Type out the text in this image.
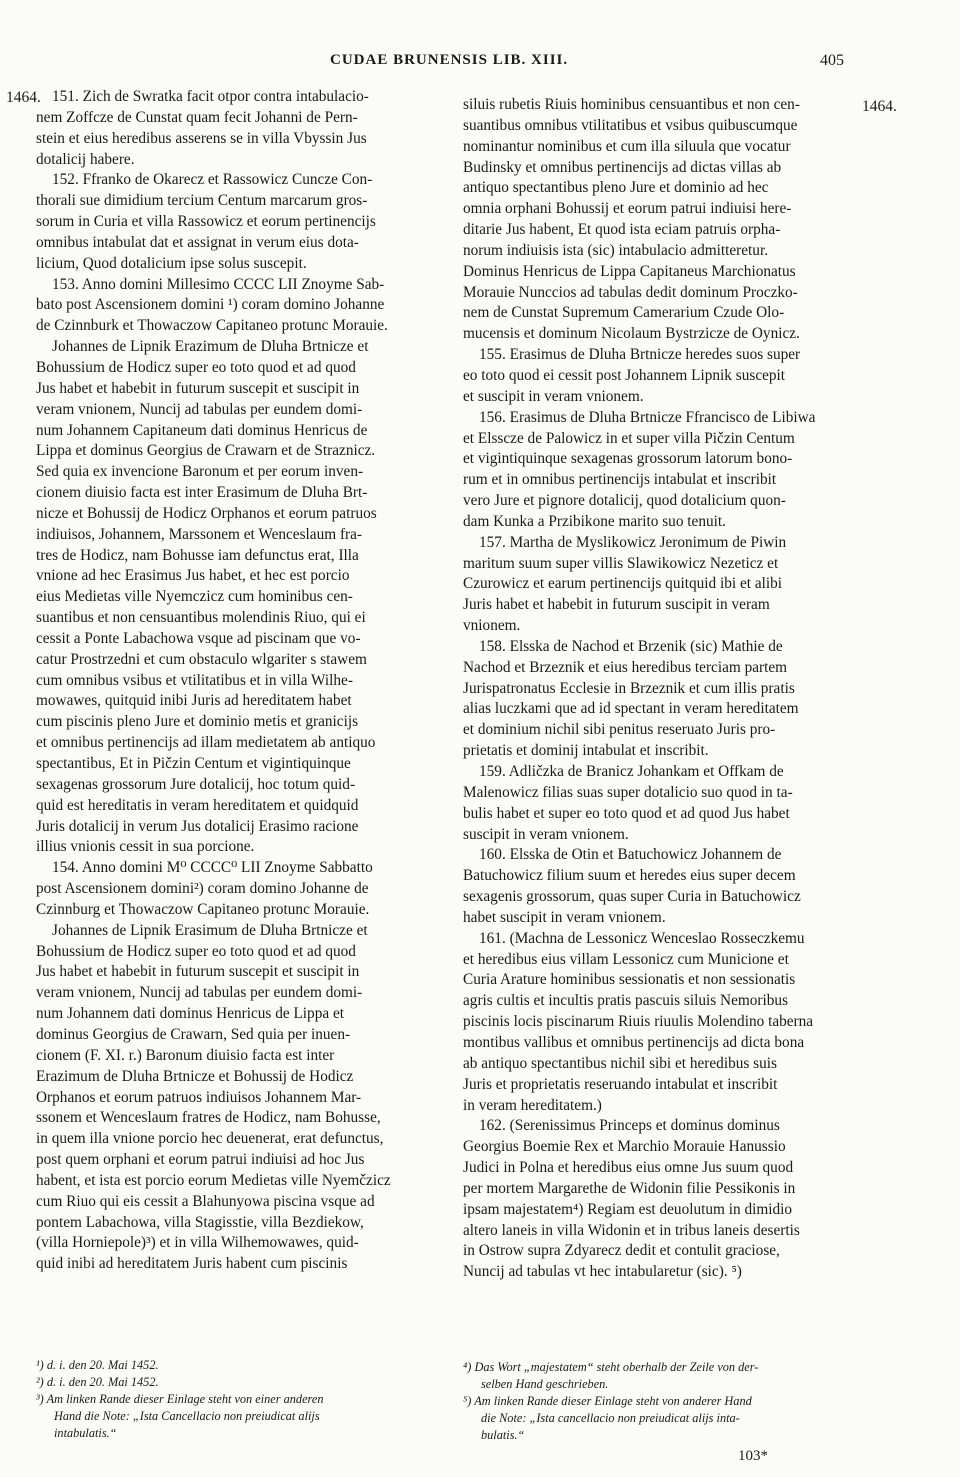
CUDAE BRUNENSIS LIB. XIII.	405
1464.
1464.
151. Zich de Swratka facit otpor contra intabulacio-
nem Zoffcze de Cunstat quam fecit Johanni de Pern-
stein et eius heredibus asserens se in villa Vbyssin Jus
dotalicij habere.
152. Ffranko de Okarecz et Rassowicz Cuncze Con-
thorali sue dimidium tercium Centum marcarum gros-
sorum in Curia et villa Rassowicz et eorum pertinencijs
omnibus intabulat dat et assignat in verum eius dota-
licium, Quod dotalicium ipse solus suscepit.
153. Anno domini Millesimo CCCC LII Znoyme Sab-
bato post Ascensionem domini ¹) coram domino Johanne
de Czinnburk et Thowaczow Capitaneo protunc Morauie.
Johannes de Lipnik Erazimum de Dluha Brtnicze et
Bohussium de Hodicz super eo toto quod et ad quod
Jus habet et habebit in futurum suscepit et suscipit in
veram vnionem, Nuncij ad tabulas per eundem domi-
num Johannem Capitaneum dati dominus Henricus de
Lippa et dominus Georgius de Crawarn et de Straznicz.
Sed quia ex invencione Baronum et per eorum inven-
cionem diuisio facta est inter Erasimum de Dluha Brt-
nicze et Bohussij de Hodicz Orphanos et eorum patruos
indiuisos, Johannem, Marssonem et Wenceslaum fra-
tres de Hodicz, nam Bohusse iam defunctus erat, Illa
vnione ad hec Erasimus Jus habet, et hec est porcio
eius Medietas ville Nyemczicz cum hominibus cen-
suantibus et non censuantibus molendinis Riuo, qui ei
cessit a Ponte Labachowa vsque ad piscinam que vo-
catur Prostrzedni et cum obstaculo wlgariter s stawem
cum omnibus vsibus et vtilitatibus et in villa Wilhe-
mowawes, quitquid inibi Juris ad hereditatem habet
cum piscinis pleno Jure et dominio metis et granicijs
et omnibus pertinencijs ad illam medietatem ab antiquo
spectantibus, Et in Pičzin Centum et vigintiquinque
sexagenas grossorum Jure dotalicij, hoc totum quid-
quid est hereditatis in veram hereditatem et quidquid
Juris dotalicij in verum Jus dotalicij Erasimo racione
illius vnionis cessit in sua porcione.
154. Anno domini M⁰ CCCC⁰ LII Znoyme Sabbatto
post Ascensionem domini²) coram domino Johanne de
Czinnburg et Thowaczow Capitaneo protunc Morauie.
Johannes de Lipnik Erasimum de Dluha Brtnicze et
Bohussium de Hodicz super eo toto quod et ad quod
Jus habet et habebit in futurum suscepit et suscipit in
veram vnionem, Nuncij ad tabulas per eundem domi-
num Johannem dati dominus Henricus de Lippa et
dominus Georgius de Crawarn, Sed quia per inuen-
cionem (F. XI. r.) Baronum diuisio facta est inter
Erazimum de Dluha Brtnicze et Bohussij de Hodicz
Orphanos et eorum patruos indiuisos Johannem Mar-
ssonem et Wenceslaum fratres de Hodicz, nam Bohusse,
in quem illa vnione porcio hec deuenerat, erat defunctus,
post quem orphani et eorum patrui indiuisi ad hoc Jus
habent, et ista est porcio eorum Medietas ville Nyemčzicz
cum Riuo qui eis cessit a Blahunyowa piscina vsque ad
pontem Labachowa, villa Stagisstie, villa Bezdiekow,
(villa Horniepole)³) et in villa Wilhemowawes, quid-
quid inibi ad hereditatem Juris habent cum piscinis
siluis rubetis Riuis hominibus censuantibus et non cen-
suantibus omnibus vtilitatibus et vsibus quibuscumque
nominantur nominibus et cum illa siluula que vocatur
Budinsky et omnibus pertinencijs ad dictas villas ab
antiquo spectantibus pleno Jure et dominio ad hec
omnia orphani Bohussij et eorum patrui indiuisi here-
ditarie Jus habent, Et quod ista eciam patruis orpha-
norum indiuisis ista (sic) intabulacio admitteretur.
Dominus Henricus de Lippa Capitaneus Marchionatus
Morauie Nunccios ad tabulas dedit dominum Proczko-
nem de Cunstat Supremum Camerarium Czude Olo-
mucensis et dominum Nicolaum Bystrzicze de Oynicz.
155. Erasimus de Dluha Brtnicze heredes suos super
eo toto quod ei cessit post Johannem Lipnik suscepit
et suscipit in veram vnionem.
156. Erasimus de Dluha Brtnicze Ffrancisco de Libiwa
et Elsscze de Palowicz in et super villa Pičzin Centum
et vigintiquinque sexagenas grossorum latorum bono-
rum et in omnibus pertinencijs intabulat et inscribit
vero Jure et pignore dotalicij, quod dotalicium quon-
dam Kunka a Przibikone marito suo tenuit.
157. Martha de Myslikowicz Jeronimum de Piwin
maritum suum super villis Slawikowicz Nezeticz et
Czurowicz et earum pertinencijs quitquid ibi et alibi
Juris habet et habebit in futurum suscipit in veram
vnionem.
158. Elsska de Nachod et Brzenik (sic) Mathie de
Nachod et Brzeznik et eius heredibus terciam partem
Jurispatronatus Ecclesie in Brzeznik et cum illis pratis
alias luczkami que ad id spectant in veram hereditatem
et dominium nichil sibi penitus reseruato Juris pro-
prietatis et dominij intabulat et inscribit.
159. Adličzka de Branicz Johankam et Offkam de
Malenowicz filias suas super dotalicio suo quod in ta-
bulis habet et super eo toto quod et ad quod Jus habet
suscipit in veram vnionem.
160. Elsska de Otin et Batuchowicz Johannem de
Batuchowicz filium suum et heredes eius super decem
sexagenis grossorum, quas super Curia in Batuchowicz
habet suscipit in veram vnionem.
161. (Machna de Lessonicz Wenceslao Rosseczkemu
et heredibus eius villam Lessonicz cum Municione et
Curia Arature hominibus sessionatis et non sessionatis
agris cultis et incultis pratis pascuis siluis Nemoribus
piscinis locis piscinarum Riuis riuulis Molendino taberna
montibus vallibus et omnibus pertinencijs ad dicta bona
ab antiquo spectantibus nichil sibi et heredibus suis
Juris et proprietatis reseruando intabulat et inscribit
in veram hereditatem.)
162. (Serenissimus Princeps et dominus dominus
Georgius Boemie Rex et Marchio Morauie Hanussio
Judici in Polna et heredibus eius omne Jus suum quod
per mortem Margarethe de Widonin filie Pessikonis in
ipsam majestatem⁴) Regiam est deuolutum in dimidio
altero laneis in villa Widonin et in tribus laneis desertis
in Ostrow supra Zdyarecz dedit et contulit graciose,
Nuncij ad tabulas vt hec intabularetur (sic). ⁵)
¹) d. i. den 20. Mai 1452.
²) d. i. den 20. Mai 1452.
³) Am linken Rande dieser Einlage steht von einer anderen
Hand die Note: „Ista Cancellacio non preiudicat alijs
intabulatis.“
⁴) Das Wort „majestatem“ steht oberhalb der Zeile von der-
selben Hand geschrieben.
⁵) Am linken Rande dieser Einlage steht von anderer Hand
die Note: „Ista cancellacio non preiudicat alijs inta-
bulatis.“
103*
